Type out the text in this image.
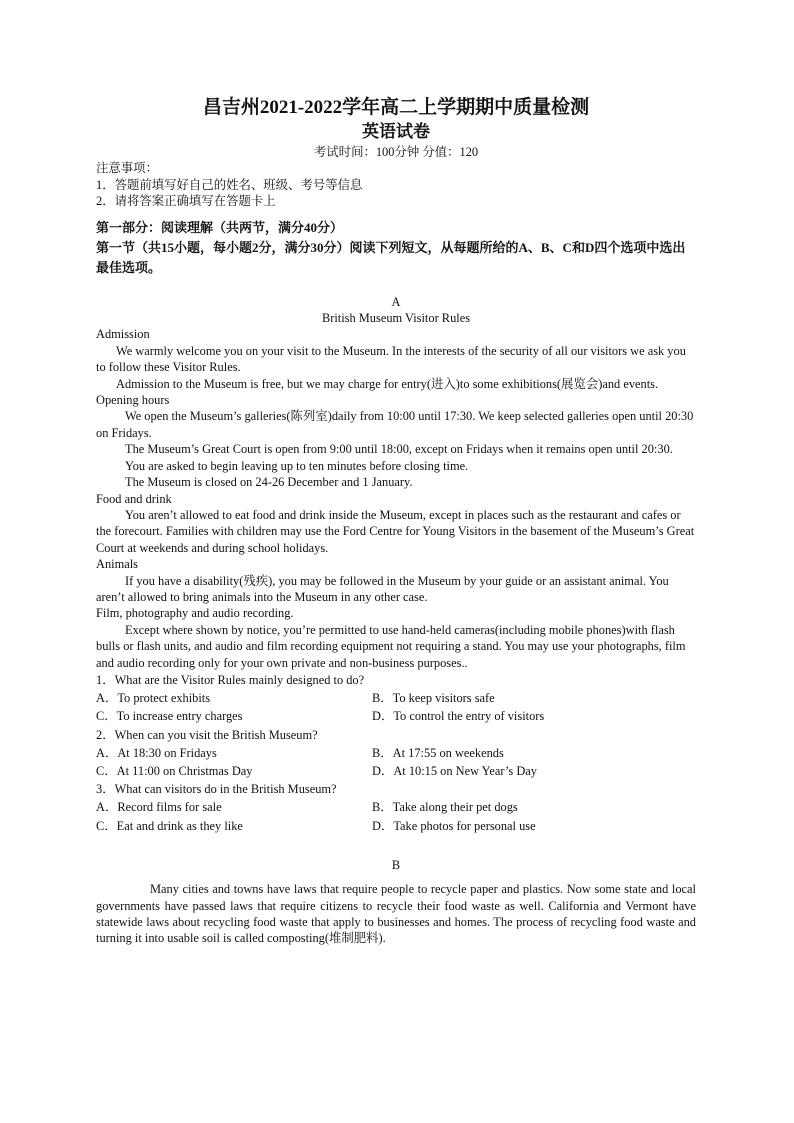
昌吉州2021-2022学年高二上学期期中质量检测

英语试卷

考试时间：100分钟 分值：120

注意事项：

1．答题前填写好自己的姓名、班级、考号等信息

2．请将答案正确填写在答题卡上

第一部分：阅读理解（共两节，满分40分）

第一节（共15小题，每小题2分，满分30分）阅读下列短文，从每题所给的A、B、C和D四个选项中选出最佳选项。

A

British Museum Visitor Rules

Admission

We warmly welcome you on your visit to the Museum. In the interests of the security of all our visitors we ask you to follow these Visitor Rules.

Admission to the Museum is free, but we may charge for entry(进入)to some exhibitions(展览会)and events.

Opening hours

We open the Museum’s galleries(陈列室)daily from 10:00 until 17:30. We keep selected galleries open until 20:30 on Fridays.

The Museum’s Great Court is open from 9:00 until 18:00, except on Fridays when it remains open until 20:30.

You are asked to begin leaving up to ten minutes before closing time.

The Museum is closed on 24-26 December and 1 January.

Food and drink

You aren’t allowed to eat food and drink inside the Museum, except in places such as the restaurant and cafes or the forecourt. Families with children may use the Ford Centre for Young Visitors in the basement of the Museum’s Great Court at weekends and during school holidays.

Animals

If you have a disability(残疾), you may be followed in the Museum by your guide or an assistant animal. You aren’t allowed to bring animals into the Museum in any other case.

Film, photography and audio recording.

Except where shown by notice, you’re permitted to use hand-held cameras(including mobile phones)with flash bulls or flash units, and audio and film recording equipment not requiring a stand. You may use your photographs, film and audio recording only for your own private and non-business purposes..

1．What are the Visitor Rules mainly designed to do?

A．To protect exhibits	B．To keep visitors safe
C．To increase entry charges	D．To control the entry of visitors

2．When can you visit the British Museum?

A．At 18:30 on Fridays	B．At 17:55 on weekends
C．At 11:00 on Christmas Day	D．At 10:15 on New Year’s Day

3．What can visitors do in the British Museum?

A．Record films for sale	B．Take along their pet dogs
C．Eat and drink as they like	D．Take photos for personal use

B

Many cities and towns have laws that require people to recycle paper and plastics. Now some state and local governments have passed laws that require citizens to recycle their food waste as well. California and Vermont have statewide laws about recycling food waste that apply to businesses and homes. The process of recycling food waste and turning it into usable soil is called composting(堆制肥料).
